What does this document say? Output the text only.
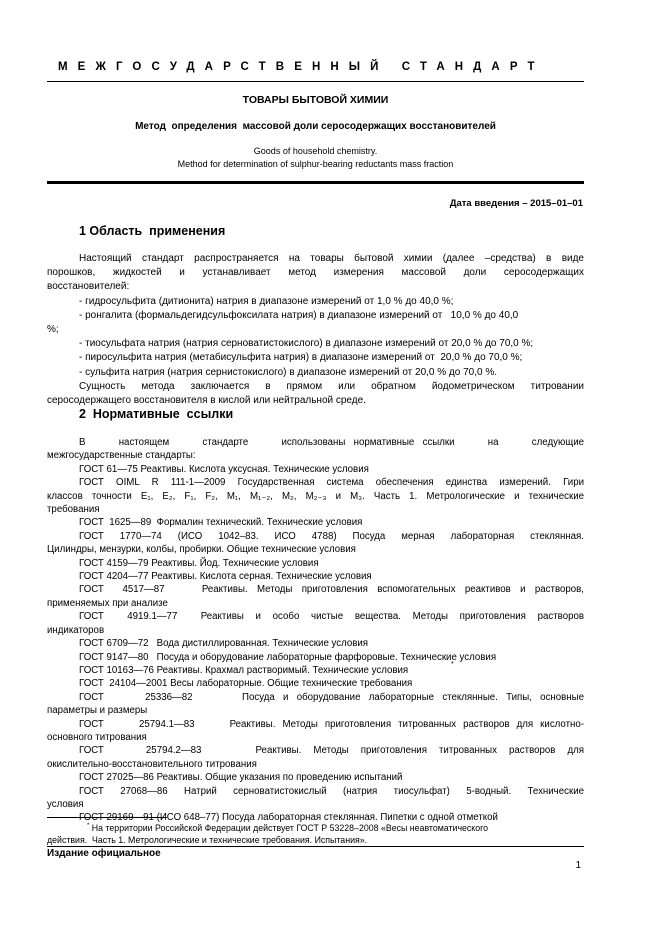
МЕЖГОСУДАРСТВЕННЫЙ СТАНДАРТ
ТОВАРЫ БЫТОВОЙ ХИМИИ
Метод  определения  массовой доли серосодержащих восстановителей
Goods of household chemistry.
Method for determination of sulphur-bearing reductants mass fraction
Дата введения – 2015–01–01
1 Область  применения

Настоящий стандарт распространяется на товары бытовой химии (далее –средства) в виде

порошков, жидкостей и устанавливает метод измерения массовой доли серосодержащих

восстановителей:

- гидросульфита (дитионита) натрия в диапазоне измерений от 1,0 % до 40,0 %;

- ронгалита (формальдегидсульфоксилата натрия) в диапазоне измерений от   10,0 % до 40,0

%;

- тиосульфата натрия (натрия серноватистокислого) в диапазоне измерений от 20,0 % до 70,0 %;

- пиросульфита натрия (метабисульфита натрия) в диапазоне измерений от  20,0 % до 70,0 %;

- сульфита натрия (натрия сернистокислого) в диапазоне измерений от 20,0 % до 70,0 %.

Сущность метода заключается в прямом или обратном йодометрическом титровании

серосодержащего восстановителя в кислой или нейтральной среде.

2  Нормативные  ссылки

В    настоящем    стандарте    использованы нормативные ссылки    на    следующие

межгосударственные стандарты:

ГОСТ 61—75 Реактивы. Кислота уксусная. Технические условия

ГОСТ OIML R 111-1—2009 Государственная система обеспечения единства измерений. Гири

классов точности E₁, E₂, F₁, F₂, M₁, M₁₋₂, M₂, M₂₋₃ и M₃. Часть 1. Метрологические и технические

требования

ГОСТ  1625—89  Формалин технический. Технические условия

ГОСТ  1770—74  (ИСО  1042–83.  ИСО  4788)  Посуда  мерная  лабораторная  стеклянная.

Цилиндры, мензурки, колбы, пробирки. Общие технические условия

ГОСТ 4159—79 Реактивы. Йод. Технические условия

ГОСТ 4204—77 Реактивы. Кислота серная. Технические условия

ГОСТ  4517—87    Реактивы. Методы приготовления вспомогательных реактивов и растворов,

применяемых при анализе

ГОСТ  4919.1—77  Реактивы и особо чистые вещества. Методы приготовления растворов

индикаторов

ГОСТ 6709—72   Вода дистиллированная. Технические условия

ГОСТ 9147—80   Посуда и оборудование лабораторные фарфоровые. Технические условия

ГОСТ 10163—76 Реактивы. Крахмал растворимый. Технические условия

ГОСТ  24104—2001 Весы лабораторные. Общие технические требования

ГОСТ     25336—82      Посуда и оборудование лабораторные стеклянные. Типы, основные

параметры и размеры

ГОСТ     25794.1—83     Реактивы. Методы приготовления титрованных растворов для кислотно-

основного титрования

ГОСТ       25794.2—83         Реактивы.  Методы  приготовления  титрованных  растворов  для

окислительно-восстановительного титрования

ГОСТ 27025—86 Реактивы. Общие указания по проведению испытаний

ГОСТ  27068—86  Натрий  серноватистокислый  (натрия  тиосульфат)  5-водный.  Технические

условия

ГОСТ 29169—91 (ИСО 648–77) Посуда лабораторная стеклянная. Пипетки с одной отметкой

*

* На территории Российской Федерации действует ГОСТ Р 53228–2008 «Весы неавтоматического

действия.  Часть 1. Метрологические и технические требования. Испытания».

Издание официальное
1
